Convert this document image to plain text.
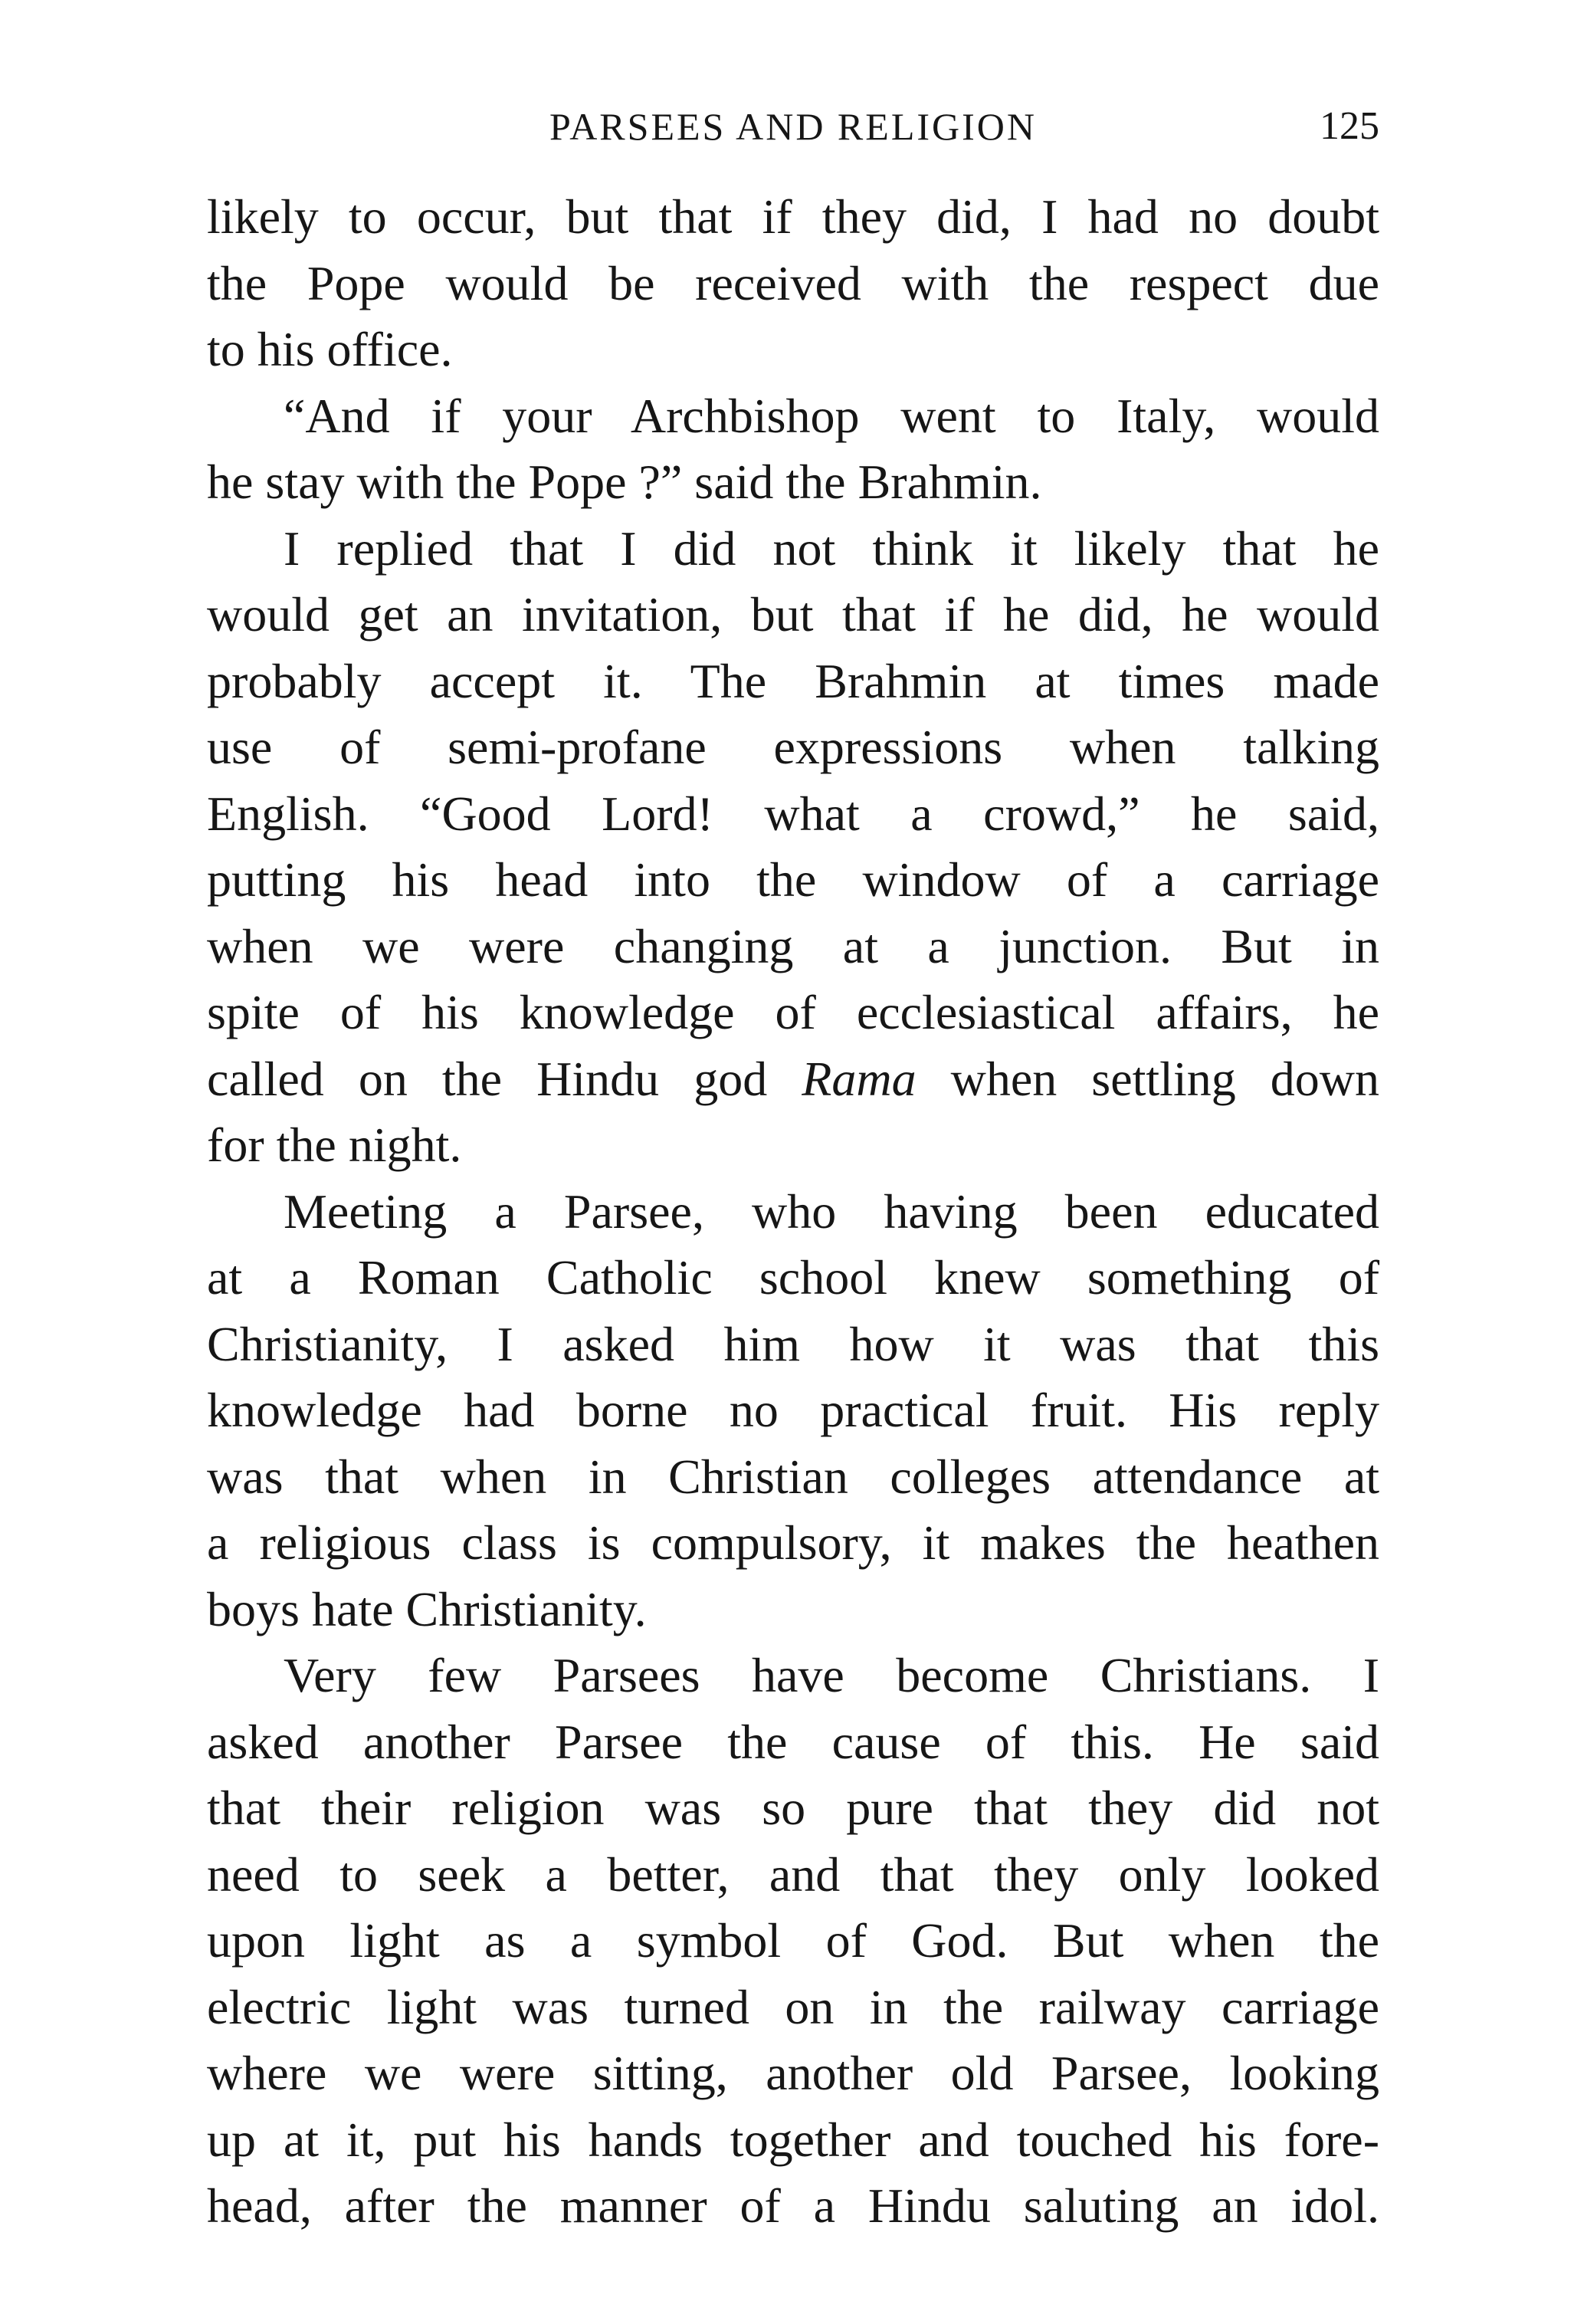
PARSEES AND RELIGION	125

likely to occur, but that if they did, I had no doubt
the Pope would be received with the respect due
to his office.

“And if your Archbishop went to Italy, would
he stay with the Pope ?” said the Brahmin.

I replied that I did not think it likely that he
would get an invitation, but that if he did, he would
probably accept it. The Brahmin at times made
use of semi-profane expressions when talking
English. “Good Lord! what a crowd,” he said,
putting his head into the window of a carriage
when we were changing at a junction. But in
spite of his knowledge of ecclesiastical affairs, he
called on the Hindu god Rama when settling down
for the night.

Meeting a Parsee, who having been educated
at a Roman Catholic school knew something of
Christianity, I asked him how it was that this
knowledge had borne no practical fruit. His reply
was that when in Christian colleges attendance at
a religious class is compulsory, it makes the heathen
boys hate Christianity.

Very few Parsees have become Christians. I
asked another Parsee the cause of this. He said
that their religion was so pure that they did not
need to seek a better, and that they only looked
upon light as a symbol of God. But when the
electric light was turned on in the railway carriage
where we were sitting, another old Parsee, looking
up at it, put his hands together and touched his fore-
head, after the manner of a Hindu saluting an idol.
